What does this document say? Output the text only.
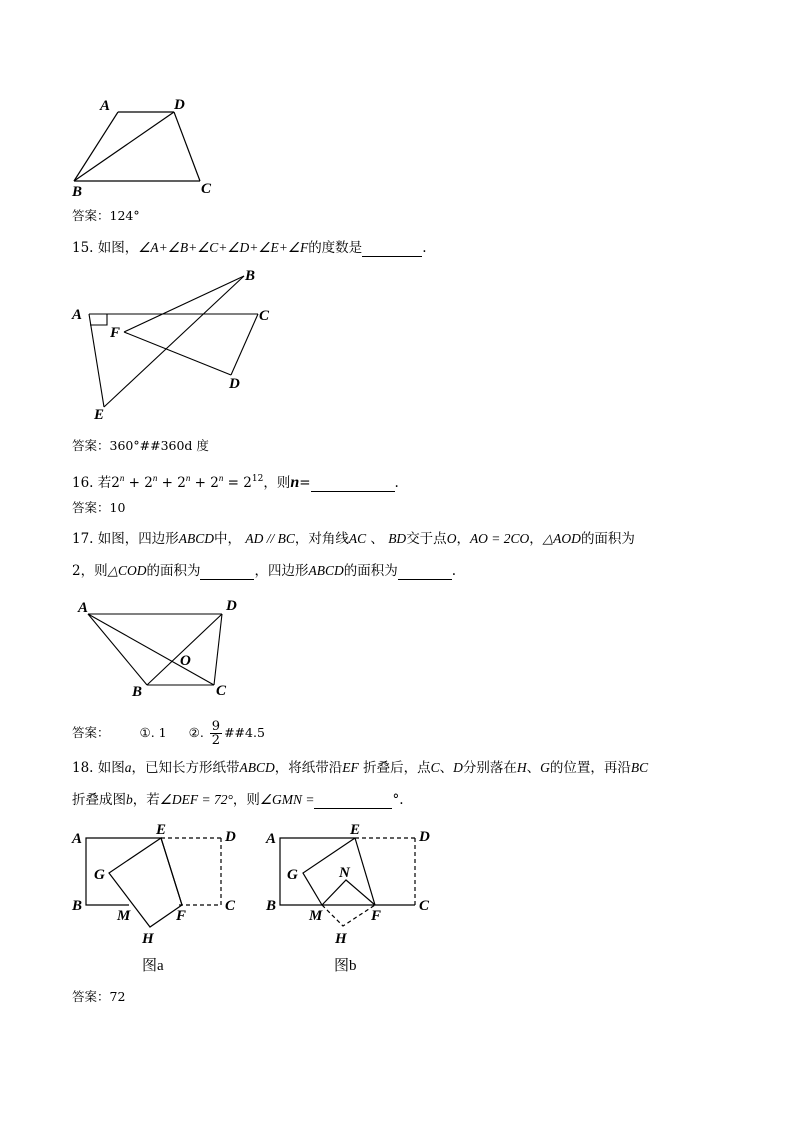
A	D
B	C
答案：124°
15. 如图，∠A+∠B+∠C+∠D+∠E+∠F的度数是	.
A
B
C
D
E
F
答案：360°##360d 度
16. 若$2^n + 2^n + 2^n + 2^n = 2^{12}$，则n=	.
答案：10
17. 如图，四边形ABCD中， AD // BC，对角线AC 、 BD交于点O，AO = 2CO，△AOD的面积为
2，则△COD的面积为	，四边形ABCD的面积为	.
A	D
O
B	C
答案： ①. 1 ②. $\frac{9}{2}$ ##4.5
18. 如图a，已知长方形纸带ABCD，将纸带沿EF 折叠后，点C、D分别落在H、G的位置，再沿BC
折叠成图b，若∠DEF = 72°，则∠GMN =	°.
A
E	D
G
B
M	F
C
H
图a
A
E	D
G	N
B
M	F
C
H
图b
答案：72
